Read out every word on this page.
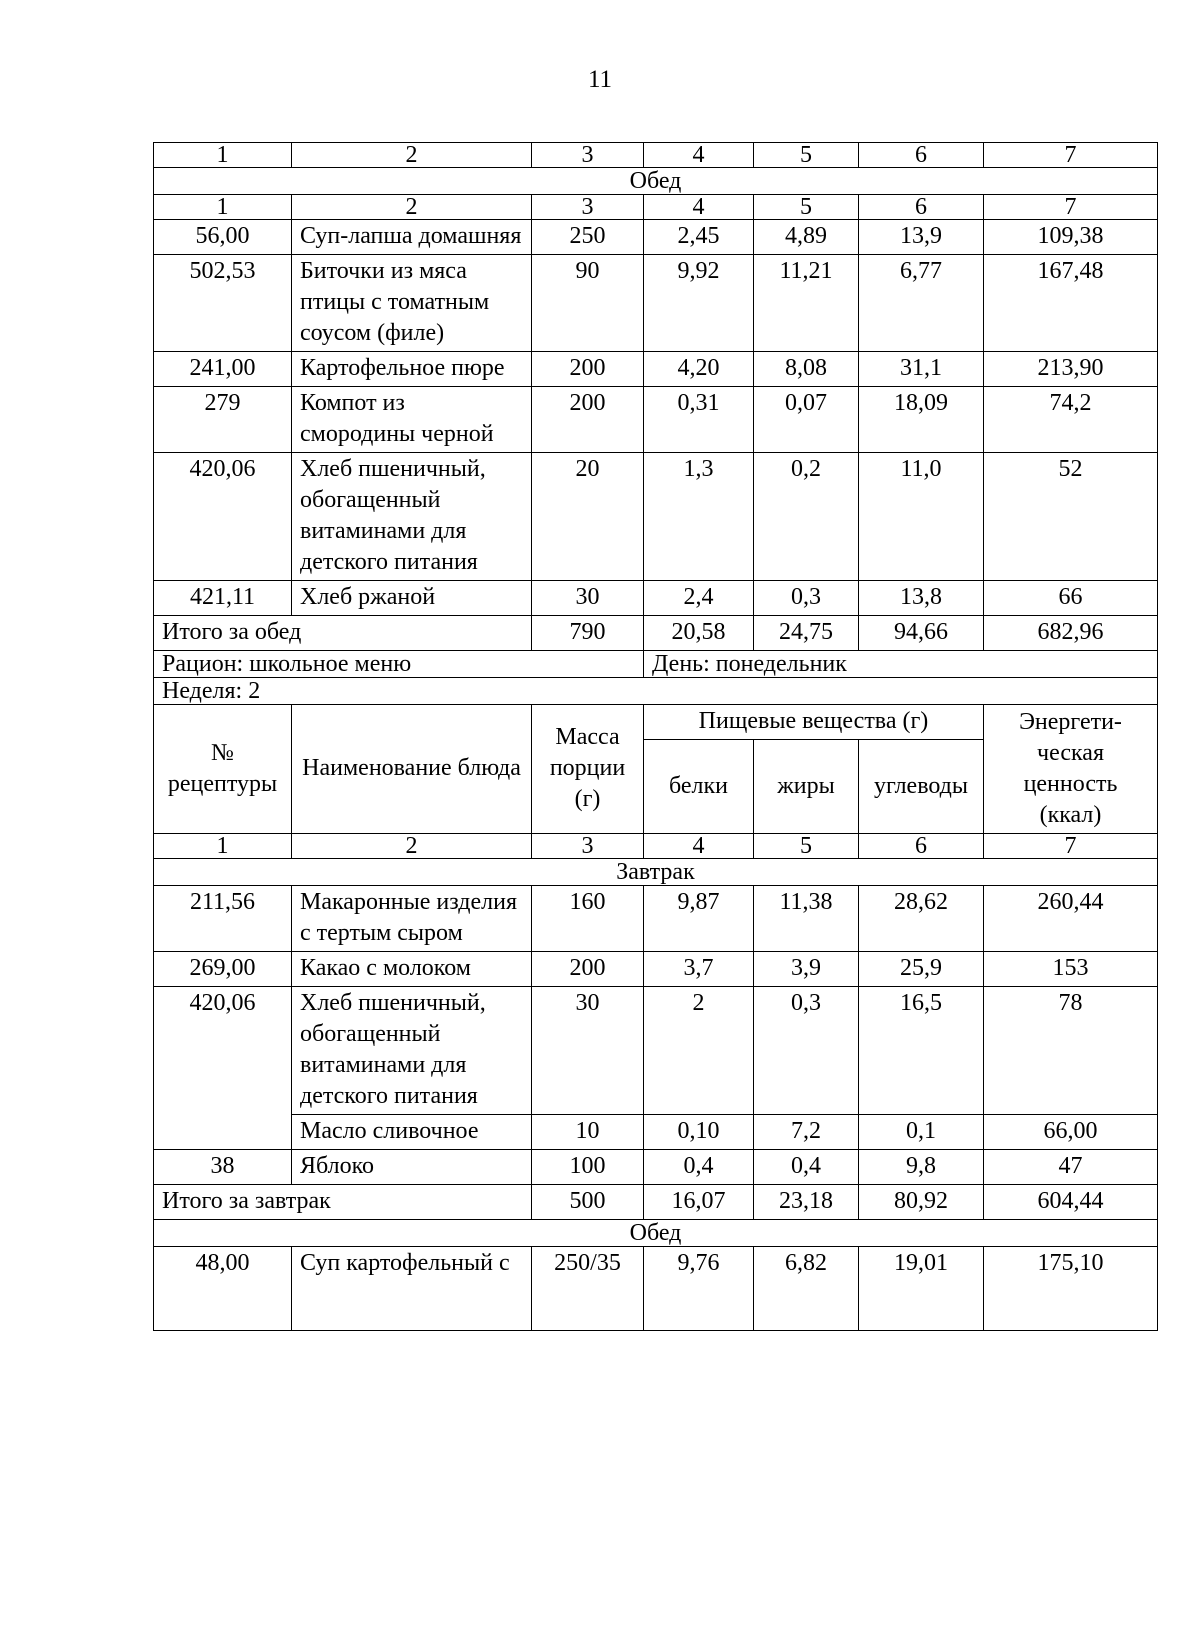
11
1	2	3	4	5	6	7
Обед						
1	2	3	4	5	6	7
56,00	Суп-лапша домашняя	250	2,45	4,89	13,9	109,38
502,53	Биточки из мяса птицы с томатным соусом (филе)	90	9,92	11,21	6,77	167,48
241,00	Картофельное пюре	200	4,20	8,08	31,1	213,90
279	Компот из смородины черной	200	0,31	0,07	18,09	74,2
420,06	Хлеб пшеничный, обогащенный витаминами для детского питания	20	1,3	0,2	11,0	52
421,11	Хлеб ржаной	30	2,4	0,3	13,8	66
Итого за обед		790	20,58	24,75	94,66	682,96
Рацион: школьное меню			День: понедельник			
Неделя: 2						
№ рецептуры	Наименование блюда	Масса порции (г)	Пищевые вещества (г)			Энергети-ческая ценность (ккал)
			белки	жиры	углеводы	
1	2	3	4	5	6	7
Завтрак						
211,56	Макаронные изделия с тертым сыром	160	9,87	11,38	28,62	260,44
269,00	Какао с молоком	200	3,7	3,9	25,9	153
420,06	Хлеб пшеничный, обогащенный витаминами для детского питания	30	2	0,3	16,5	78
	Масло сливочное	10	0,10	7,2	0,1	66,00
38	Яблоко	100	0,4	0,4	9,8	47
Итого за завтрак		500	16,07	23,18	80,92	604,44
Обед						
48,00	Суп картофельный с	250/35	9,76	6,82	19,01	175,10
